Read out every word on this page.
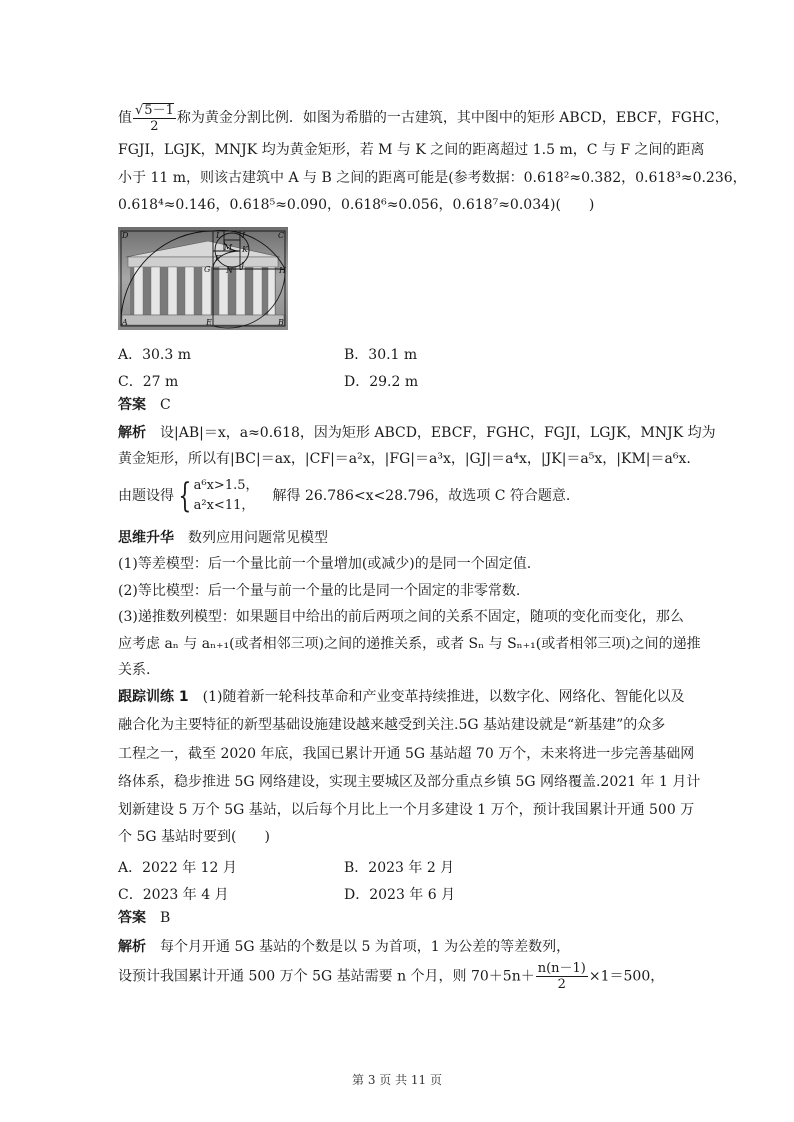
值 $\frac{√5-1}{2}$ 称为黄金分割比例．如图为希腊的一古建筑，其中图中的矩形 ABCD，EBCF，FGHC，
FGJI，LGJK，MNJK 均为黄金矩形，若 M 与 K 之间的距离超过 1.5 m，C 与 F 之间的距离
小于 11 m，则该古建筑中 A 与 B 之间的距离可能是(参考数据：0.618²≈0.382，0.618³≈0.236，
0.618⁴≈0.146，0.618⁵≈0.090，0.618⁶≈0.056，0.618⁷≈0.034)(　　)
D	L	I	C
M K
H
G N
J
A	E
F
B
A．30.3 m	B．30.1 m
C．27 m	D．29.2 m
答案　 C
解析　 设|AB|＝x，a≈0.618，因为矩形 ABCD，EBCF，FGHC，FGJI，LGJK，MNJK 均为
黄金矩形，所以有|BC|＝ax，|CF|＝a²x，|FG|＝a³x，|GJ|＝a⁴x，|JK|＝a⁵x，|KM|＝a⁶x.
由题设得 { a⁶x>1.5，
a²x<11，
　解得 26.786<x<28.796，故选项 C 符合题意.
思维升华　 数列应用问题常见模型
(1)等差模型：后一个量比前一个量增加(或减少)的是同一个固定值.
(2)等比模型：后一个量与前一个量的比是同一个固定的非零常数.
(3)递推数列模型：如果题目中给出的前后两项之间的关系不固定，随项的变化而变化，那么
应考虑 aₙ 与 aₙ₊₁(或者相邻三项)之间的递推关系，或者 Sₙ 与 Sₙ₊₁(或者相邻三项)之间的递推
关系.
跟踪训练 1　 (1)随着新一轮科技革命和产业变革持续推进，以数字化、网络化、智能化以及
融合化为主要特征的新型基础设施建设越来越受到关注.5G 基站建设就是“新基建”的众多
工程之一，截至 2020 年底，我国已累计开通 5G 基站超 70 万个，未来将进一步完善基础网
络体系，稳步推进 5G 网络建设，实现主要城区及部分重点乡镇 5G 网络覆盖.2021 年 1 月计
划新建设 5 万个 5G 基站，以后每个月比上一个月多建设 1 万个，预计我国累计开通 500 万
个 5G 基站时要到(　　)
A．2022 年 12 月	B．2023 年 2 月
C．2023 年 4 月	D．2023 年 6 月
答案　 B
解析　 每个月开通 5G 基站的个数是以 5 为首项，1 为公差的等差数列，
设预计我国累计开通 500 万个 5G 基站需要 n 个月，则 $70+5n+ \frac{n(n-1)}{2} \times 1=500$，
第 3 页 共 11 页
